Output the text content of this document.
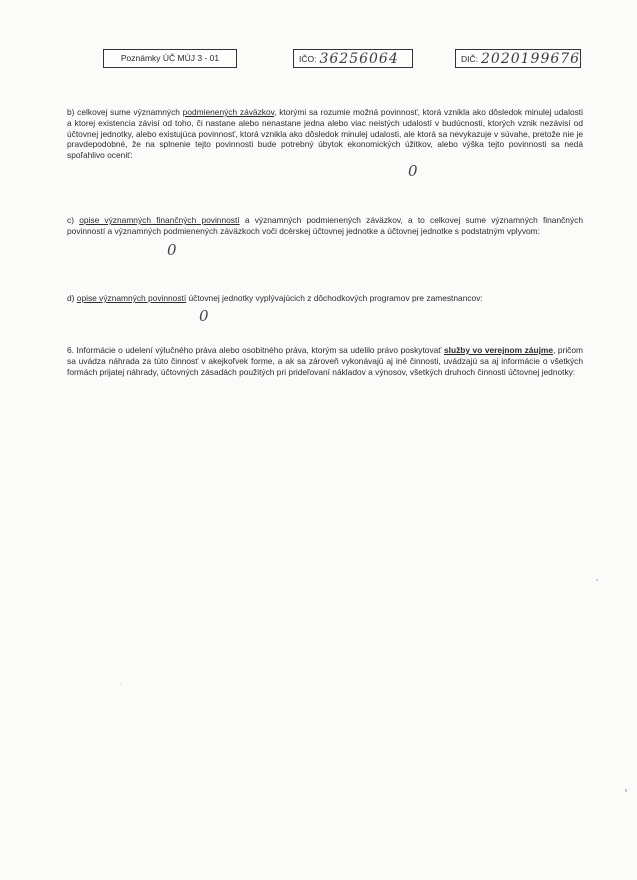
Poznámky ÚČ MÚJ 3 - 01	IČO: 36256064	DIČ: 2020199676
b) celkovej sume významných podmienených záväzkov, ktorými sa rozumie možná povinnosť, ktorá vznikla ako dôsledok minulej udalosti a ktorej existencia závisí od toho, či nastane alebo nenastane jedna alebo viac neistých udalostí v budúcnosti, ktorých vznik nezávisí od účtovnej jednotky, alebo existujúca povinnosť, ktorá vznikla ako dôsledok minulej udalosti, ale ktorá sa nevykazuje v súvahe, pretože nie je pravdepodobné, že na splnenie tejto povinnosti bude potrebný úbytok ekonomických úžitkov, alebo výška tejto povinnosti sa nedá spoľahlivo oceniť:
0
c) opise významných finančných povinností a významných podmienených záväzkov, a to celkovej sume významných finančných povinností a významných podmienených záväzkoch voči dcérskej účtovnej jednotke a účtovnej jednotke s podstatným vplyvom:
0
d) opise významných povinností účtovnej jednotky vyplývajúcich z dôchodkových programov pre zamestnancov:
0
6. Informácie o udelení výlučného práva alebo osobitného práva, ktorým sa udelilo právo poskytovať služby vo verejnom záujme, pričom sa uvádza náhrada za túto činnosť v akejkoľvek forme, a ak sa zároveň vykonávajú aj iné činnosti, uvádzajú sa aj informácie o všetkých formách prijatej náhrady, účtovných zásadách použitých pri prideľovaní nákladov a výnosov, všetkých druhoch činnosti účtovnej jednotky:
